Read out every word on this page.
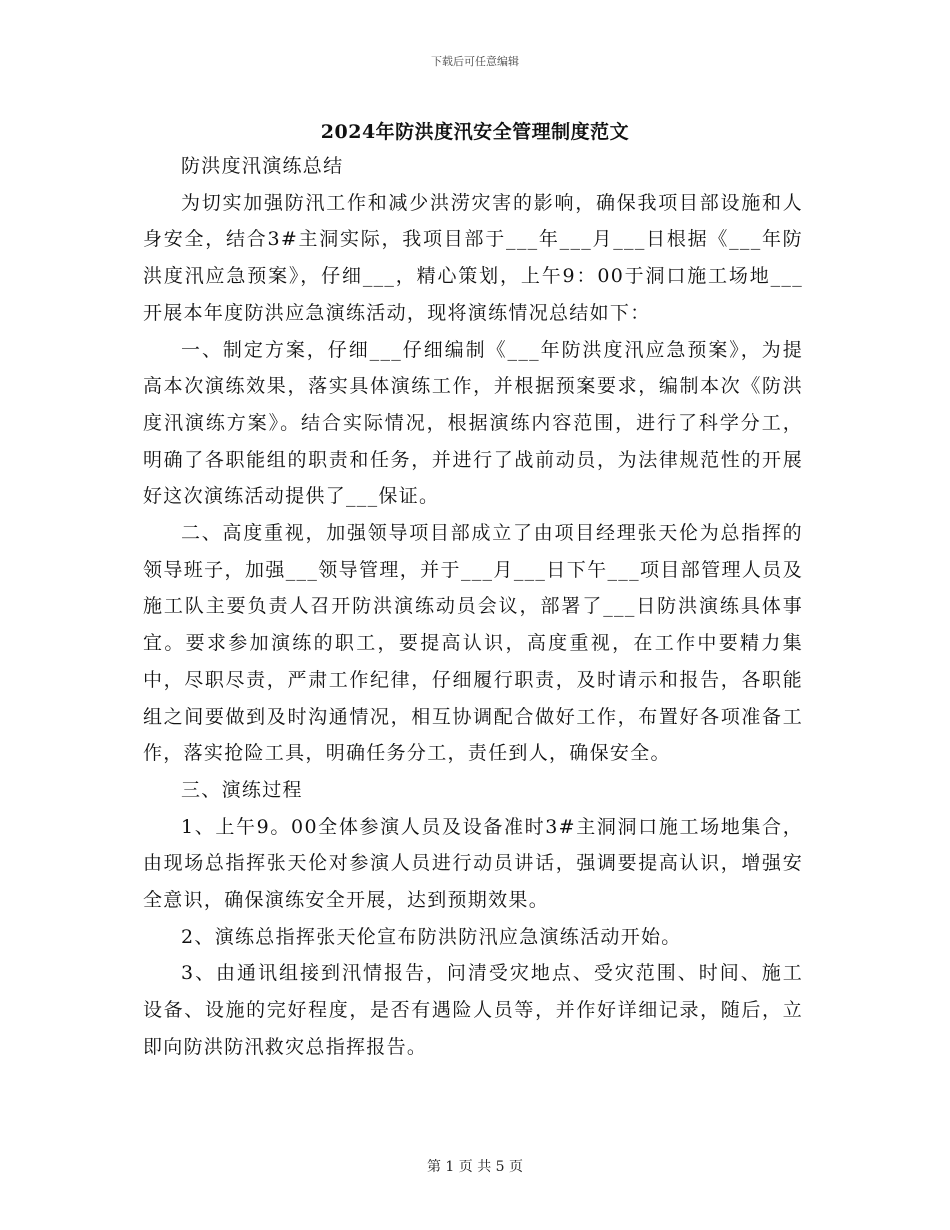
下载后可任意编辑
2024年防洪度汛安全管理制度范文

防洪度汛演练总结

为切实加强防汛工作和减少洪涝灾害的影响，确保我项目部设施和人身安全，结合3#主洞实际，我项目部于___年___月___日根据《___年防洪度汛应急预案》，仔细___，精心策划，上午9：00于洞口施工场地___开展本年度防洪应急演练活动，现将演练情况总结如下：

一、制定方案，仔细___仔细编制《___年防洪度汛应急预案》，为提高本次演练效果，落实具体演练工作，并根据预案要求，编制本次《防洪度汛演练方案》。结合实际情况，根据演练内容范围，进行了科学分工，明确了各职能组的职责和任务，并进行了战前动员，为法律规范性的开展好这次演练活动提供了___保证。

二、高度重视，加强领导项目部成立了由项目经理张天伦为总指挥的领导班子，加强___领导管理，并于___月___日下午___项目部管理人员及施工队主要负责人召开防洪演练动员会议，部署了___日防洪演练具体事宜。要求参加演练的职工，要提高认识，高度重视，在工作中要精力集中，尽职尽责，严肃工作纪律，仔细履行职责，及时请示和报告，各职能组之间要做到及时沟通情况，相互协调配合做好工作，布置好各项准备工作，落实抢险工具，明确任务分工，责任到人，确保安全。

三、演练过程

1、上午9。00全体参演人员及设备准时3#主洞洞口施工场地集合，由现场总指挥张天伦对参演人员进行动员讲话，强调要提高认识，增强安全意识，确保演练安全开展，达到预期效果。

2、演练总指挥张天伦宣布防洪防汛应急演练活动开始。

3、由通讯组接到汛情报告，问清受灾地点、受灾范围、时间、施工设备、设施的完好程度，是否有遇险人员等，并作好详细记录，随后，立即向防洪防汛救灾总指挥报告。

第 1 页 共 5 页
